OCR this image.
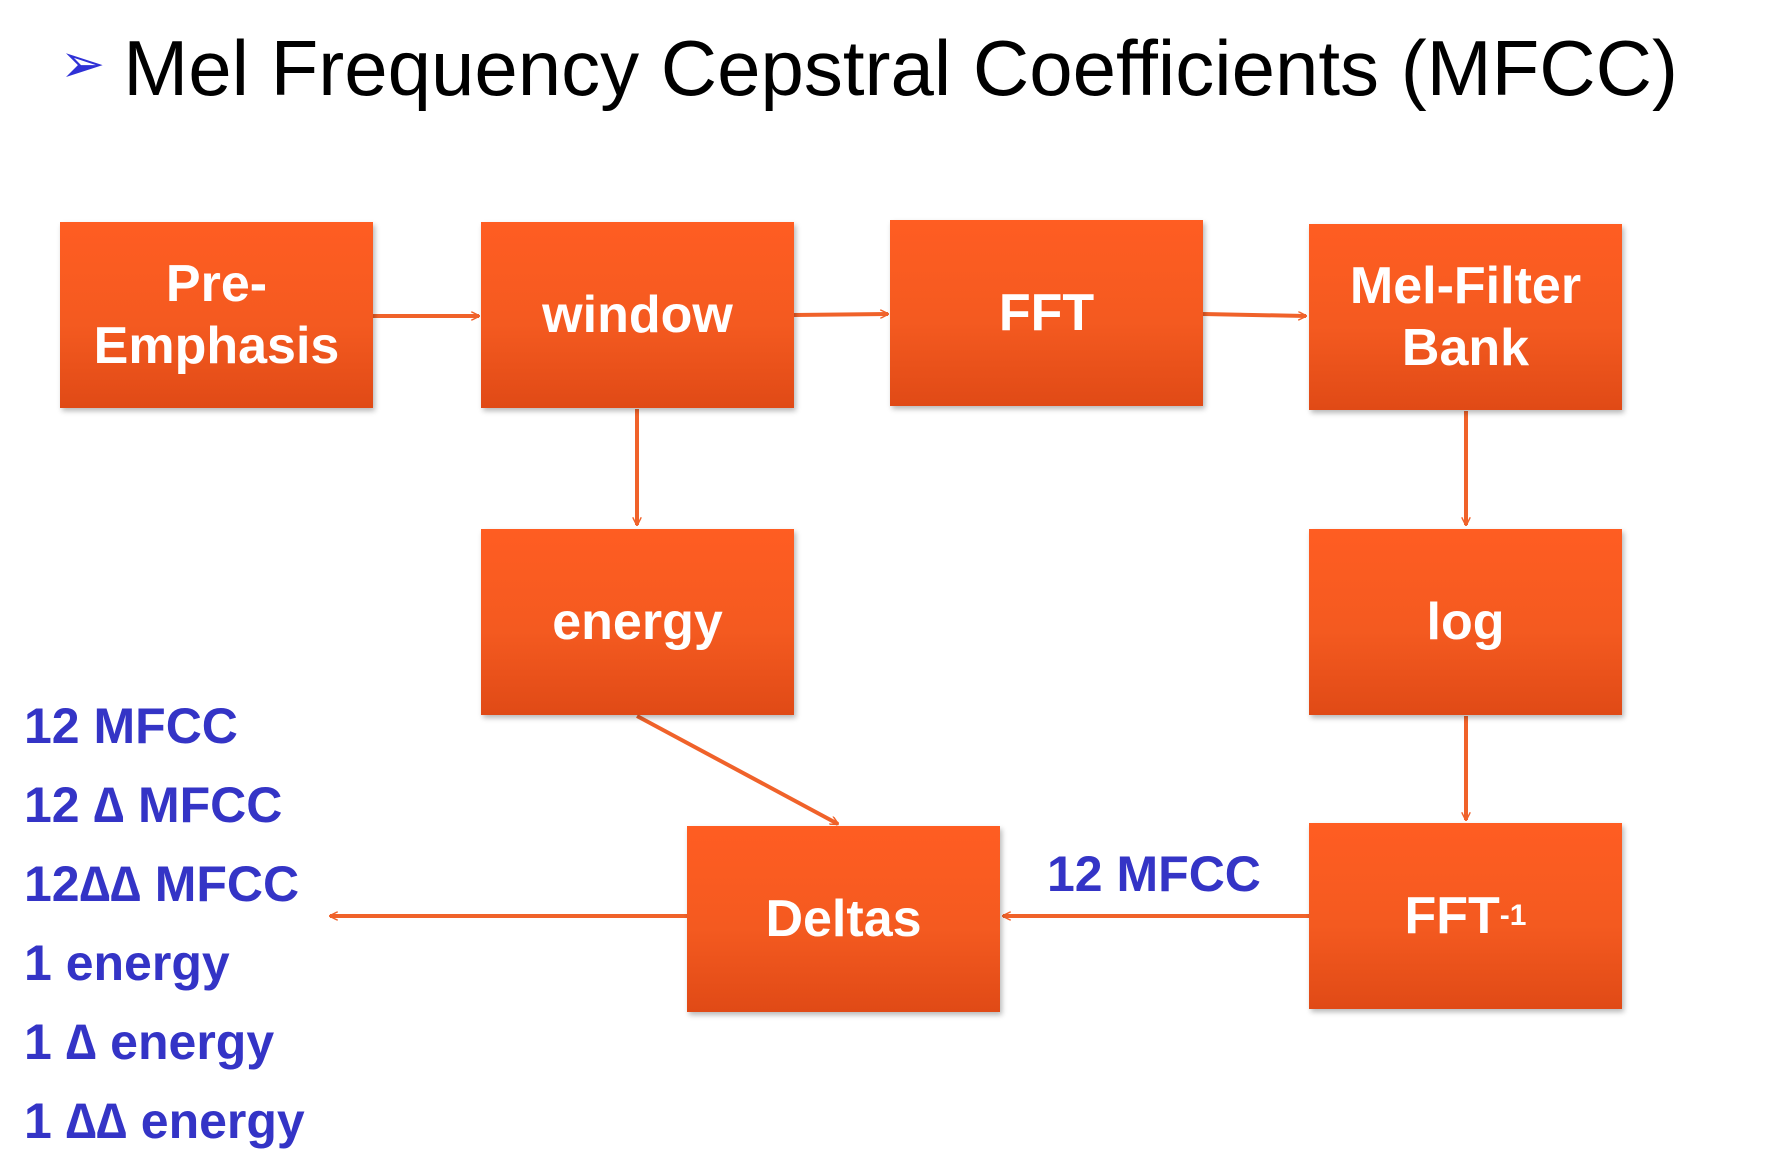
➢ Mel Frequency Cepstral Coefficients (MFCC)
Pre-
Emphasis
window	FFT	Mel-Filter
Bank
energy	log
Deltas	FFT -1
12 MFCC
12 MFCC
12 ∆ MFCC
12∆∆ MFCC
1 energy
1 ∆ energy
1 ∆∆ energy
